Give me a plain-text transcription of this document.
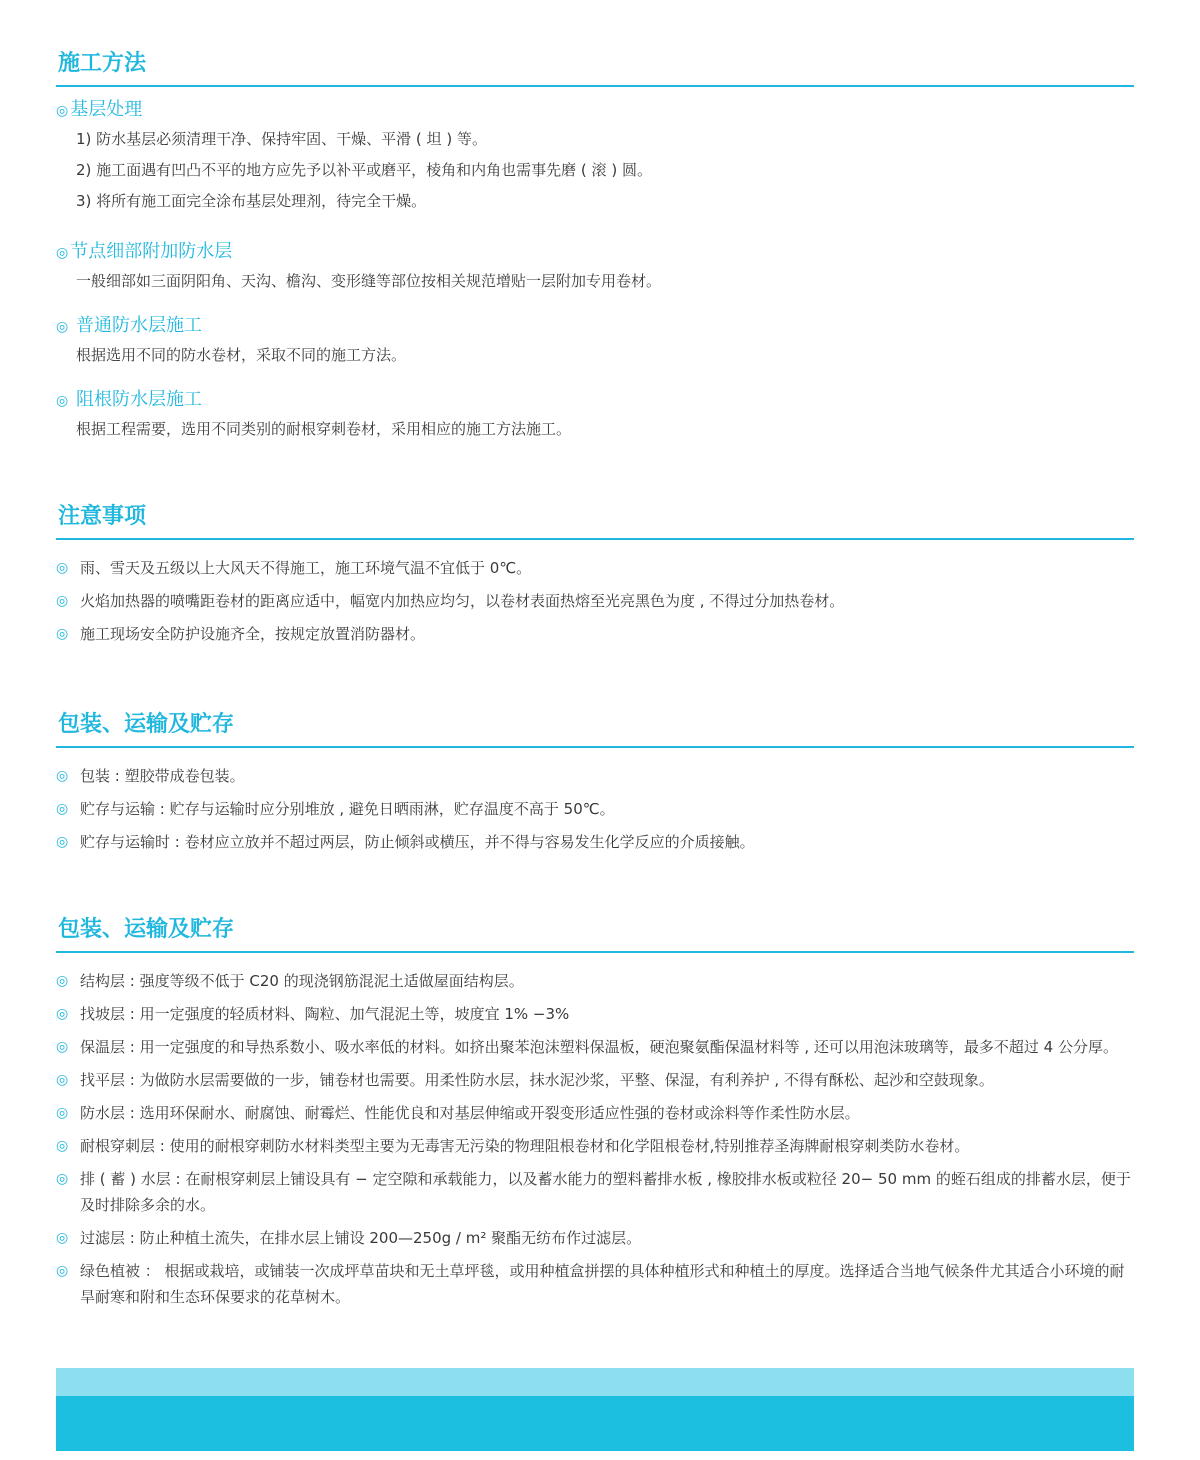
施工方法
◎ 基层处理
1) 防水基层必须清理干净、保持牢固、干燥、平滑 ( 坦 ) 等。
2) 施工面遇有凹凸不平的地方应先予以补平或磨平，棱角和内角也需事先磨 ( 滚 ) 圆。
3) 将所有施工面完全涂布基层处理剂，待完全干燥。
◎ 节点细部附加防水层
一般细部如三面阴阳角、天沟、檐沟、变形缝等部位按相关规范增贴一层附加专用卷材。
◎ 普通防水层施工
根据选用不同的防水卷材，采取不同的施工方法。
◎ 阻根防水层施工
根据工程需要，选用不同类别的耐根穿刺卷材，采用相应的施工方法施工。
注意事项
◎ 雨、雪天及五级以上大风天不得施工，施工环境气温不宜低于 0℃。
◎ 火焰加热器的喷嘴距卷材的距离应适中，幅宽内加热应均匀，以卷材表面热熔至光亮黑色为度 , 不得过分加热卷材。
◎ 施工现场安全防护设施齐全，按规定放置消防器材。
包装、运输及贮存
◎ 包装 : 塑胶带成卷包装。
◎ 贮存与运输 : 贮存与运输时应分别堆放 , 避免日晒雨淋，贮存温度不高于 50℃。
◎ 贮存与运输时 : 卷材应立放并不超过两层，防止倾斜或横压，并不得与容易发生化学反应的介质接触。
包装、运输及贮存
◎ 结构层 : 强度等级不低于 C20 的现浇钢筋混泥土适做屋面结构层。
◎ 找坡层 : 用一定强度的轻质材料、陶粒、加气混泥土等，坡度宜 1% −3%
◎ 保温层 : 用一定强度的和导热系数小、吸水率低的材料。如挤出聚苯泡沫塑料保温板，硬泡聚氨酯保温材料等 , 还可以用泡沫玻璃等，最多不超过 4 公分厚。
◎ 找平层 : 为做防水层需要做的一步，铺卷材也需要。用柔性防水层，抹水泥沙浆，平整、保湿，有利养护 , 不得有酥松、起沙和空鼓现象。
◎ 防水层 : 选用环保耐水、耐腐蚀、耐霉烂、性能优良和对基层伸缩或开裂变形适应性强的卷材或涂料等作柔性防水层。
◎ 耐根穿刺层 : 使用的耐根穿刺防水材料类型主要为无毒害无污染的物理阻根卷材和化学阻根卷材,特别推荐圣海牌耐根穿刺类防水卷材。
◎ 排 ( 蓄 ) 水层 : 在耐根穿刺层上铺设具有 − 定空隙和承载能力，以及蓄水能力的塑料蓄排水板 , 橡胶排水板或粒径 20− 50 mm 的蛭石组成的排蓄水层，便于及时排除多余的水。
◎ 过滤层 : 防止种植土流失，在排水层上铺设 200—250g / m² 聚酯无纺布作过滤层。
◎ 绿色植被 ： 根据或栽培，或铺装一次成坪草苗块和无土草坪毯，或用种植盒拼摆的具体种植形式和种植土的厚度。选择适合当地气候条件尤其适合小环境的耐旱耐寒和附和生态环保要求的花草树木。
